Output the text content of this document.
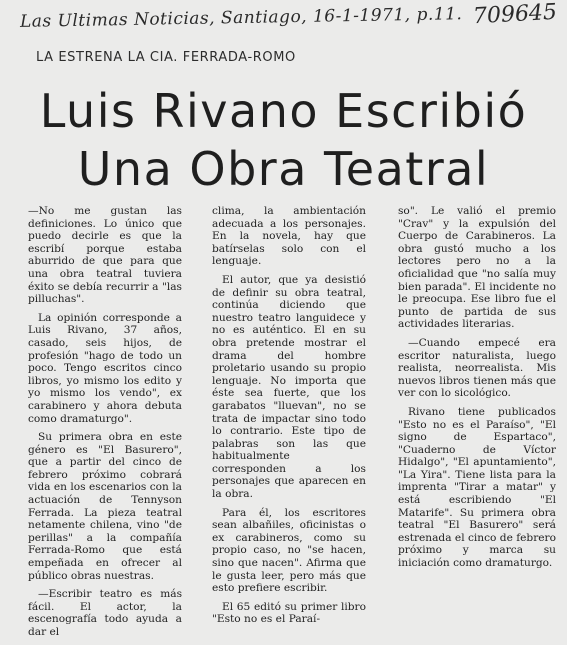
Las Ultimas Noticias, Santiago, 16-1-1971, p.11. 709645
LA ESTRENA LA CIA. FERRADA-ROMO
Luis Rivano Escribió
Una Obra Teatral

—No me gustan las definiciones. Lo único que puedo decirle es que la escribí porque estaba aburrido de que para que una obra teatral tuviera éxito se debía recurrir a "las pilluchas".

La opinión corresponde a Luis Rivano, 37 años, casado, seis hijos, de profesión "hago de todo un poco. Tengo escritos cinco libros, yo mismo los edito y yo mismo los vendo", ex carabinero y ahora debuta como dramaturgo".

Su primera obra en este género es "El Basurero", que a partir del cinco de febrero próximo cobrará vida en los escenarios con la actuación de Tennyson Ferrada. La pieza teatral netamente chilena, vino "de perillas" a la compañía Ferrada-Romo que está empeñada en ofrecer al público obras nuestras.

—Escribir teatro es más fácil. El actor, la escenografía todo ayuda a dar el

clima, la ambientación adecuada a los personajes. En la novela, hay que batírselas solo con el lenguaje.

El autor, que ya desistió de definir su obra teatral, continúa diciendo que nuestro teatro languidece y no es auténtico. El en su obra pretende mostrar el drama del hombre proletario usando su propio lenguaje. No importa que éste sea fuerte, que los garabatos "lluevan", no se trata de impactar sino todo lo contrario. Este tipo de palabras son las que habitualmente corresponden a los personajes que aparecen en la obra.

Para él, los escritores sean albañiles, oficinistas o ex carabineros, como su propio caso, no "se hacen, sino que nacen". Afirma que le gusta leer, pero más que esto prefiere escribir.

El 65 editó su primer libro "Esto no es el Paraí-

so". Le valió el premio "Crav" y la expulsión del Cuerpo de Carabineros. La obra gustó mucho a los lectores pero no a la oficialidad que "no salía muy bien parada". El incidente no le preocupa. Ese libro fue el punto de partida de sus actividades literarias.

—Cuando empecé era escritor naturalista, luego realista, neorrealista. Mis nuevos libros tienen más que ver con lo sicológico.

Rivano tiene publicados "Esto no es el Paraíso", "El signo de Espartaco", "Cuaderno de Víctor Hidalgo", "El apuntamiento", "La Yira". Tiene lista para la imprenta "Tirar a matar" y está escribiendo "El Matarife". Su primera obra teatral "El Basurero" será estrenada el cinco de febrero próximo y marca su iniciación como dramaturgo.
